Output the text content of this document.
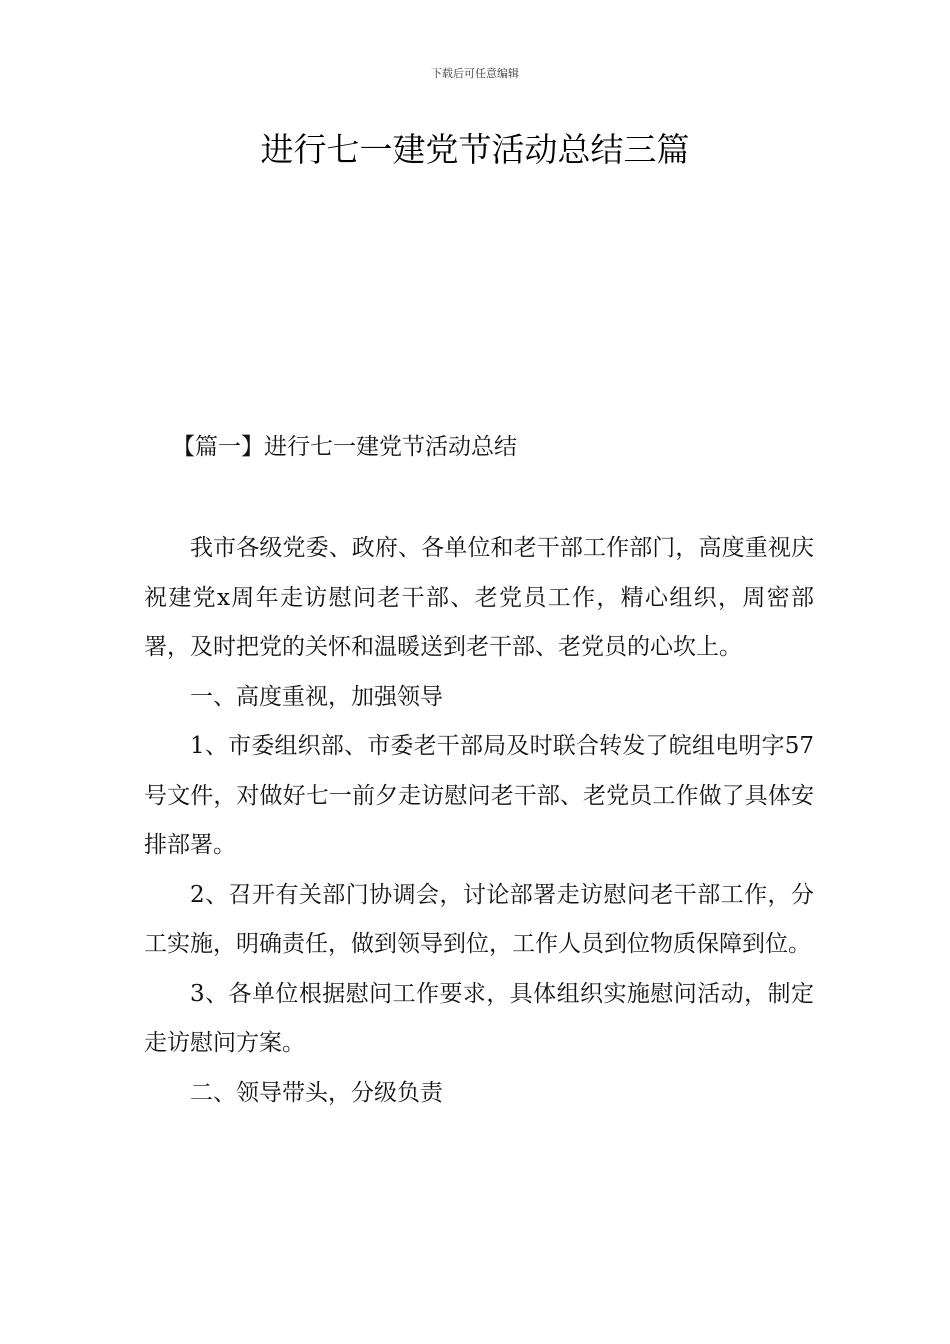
下载后可任意编辑
进行七一建党节活动总结三篇
【篇一】进行七一建党节活动总结

我市各级党委、政府、各单位和老干部工作部门，高度重视庆祝建党x周年走访慰问老干部、老党员工作，精心组织，周密部署，及时把党的关怀和温暖送到老干部、老党员的心坎上。

一、高度重视，加强领导

1、市委组织部、市委老干部局及时联合转发了皖组电明字57号文件，对做好七一前夕走访慰问老干部、老党员工作做了具体安排部署。

2、召开有关部门协调会，讨论部署走访慰问老干部工作，分工实施，明确责任，做到领导到位，工作人员到位物质保障到位。

3、各单位根据慰问工作要求，具体组织实施慰问活动，制定走访慰问方案。

二、领导带头，分级负责
